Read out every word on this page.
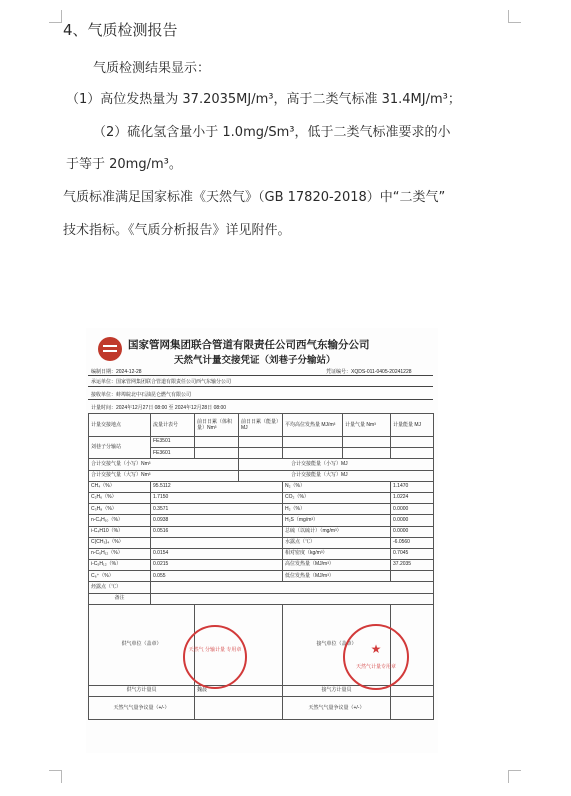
4、气质检测报告
气质检测结果显示：
（1）高位发热量为 37.2035MJ/m³，高于二类气标准 31.4MJ/m³；
（2）硫化氢含量小于 1.0mg/Sm³，低于二类气标准要求的小
于等于 20mg/m³。
气质标准满足国家标准《天然气》（GB 17820-2018）中“二类气”
技术指标。《气质分析报告》详见附件。
国家管网集团联合管道有限责任公司西气东输分公司
天然气计量交接凭证（刘巷子分输站）
编制日期：2024-12-28	凭证编号：XQDS-011-0405-20241228
承运单位：国家管网集团联合管道有限责任公司西气东输分公司
接收单位：蚌埠皖北中石油昆仑燃气有限公司
计量时间：2024年12月27日 08:00 至 2024年12月28日 08:00
计量交接地点	流量计表号	前日日累（体积量）Nm³	前日日累（能量）MJ	平均高位发热量 MJ/m³	计量气量 Nm³	计量能量 MJ
刘巷子分输站	FE3501					
	FE3601					
合计交接气量（小写）Nm³			合计交接能量（小写）MJ			
合计交接气量（大写）Nm³			合计交接能量（大写）MJ			
CH₄（%）	95.5112			N₂（%）		1.1470
C₂H₆（%）	1.7150			CO₂（%）		1.0224
C₃H₈（%）	0.3571			H₂（%）		0.0000
n-C₄H₁₀（%）	0.0938			H₂S（mg/m³）		0.0000
i-C₄H10（%）	0.0516			总硫（以硫计）（mg/m³）		0.0000
C(CH₃)₄（%）				水露点（℃）		-6.0560
n-C₅H₁₂（%）	0.0154			相对密度（kg/m³）		0.7045
i-C₅H₁₂（%）	0.0215			高位发热量（MJ/m³）		37.2035
C₆⁺（%）	0.055			低位发热量（MJ/m³）		
烃露点（℃）						
备注						
供气单位（盖章）				接气单位（盖章）		
供气方计量员		魏晨		接气方计量员		
天然气气量争议量（+/-）				天然气气量争议量（+/-）		
天然气 分输计量 专用章	★
天然气计量专用章
